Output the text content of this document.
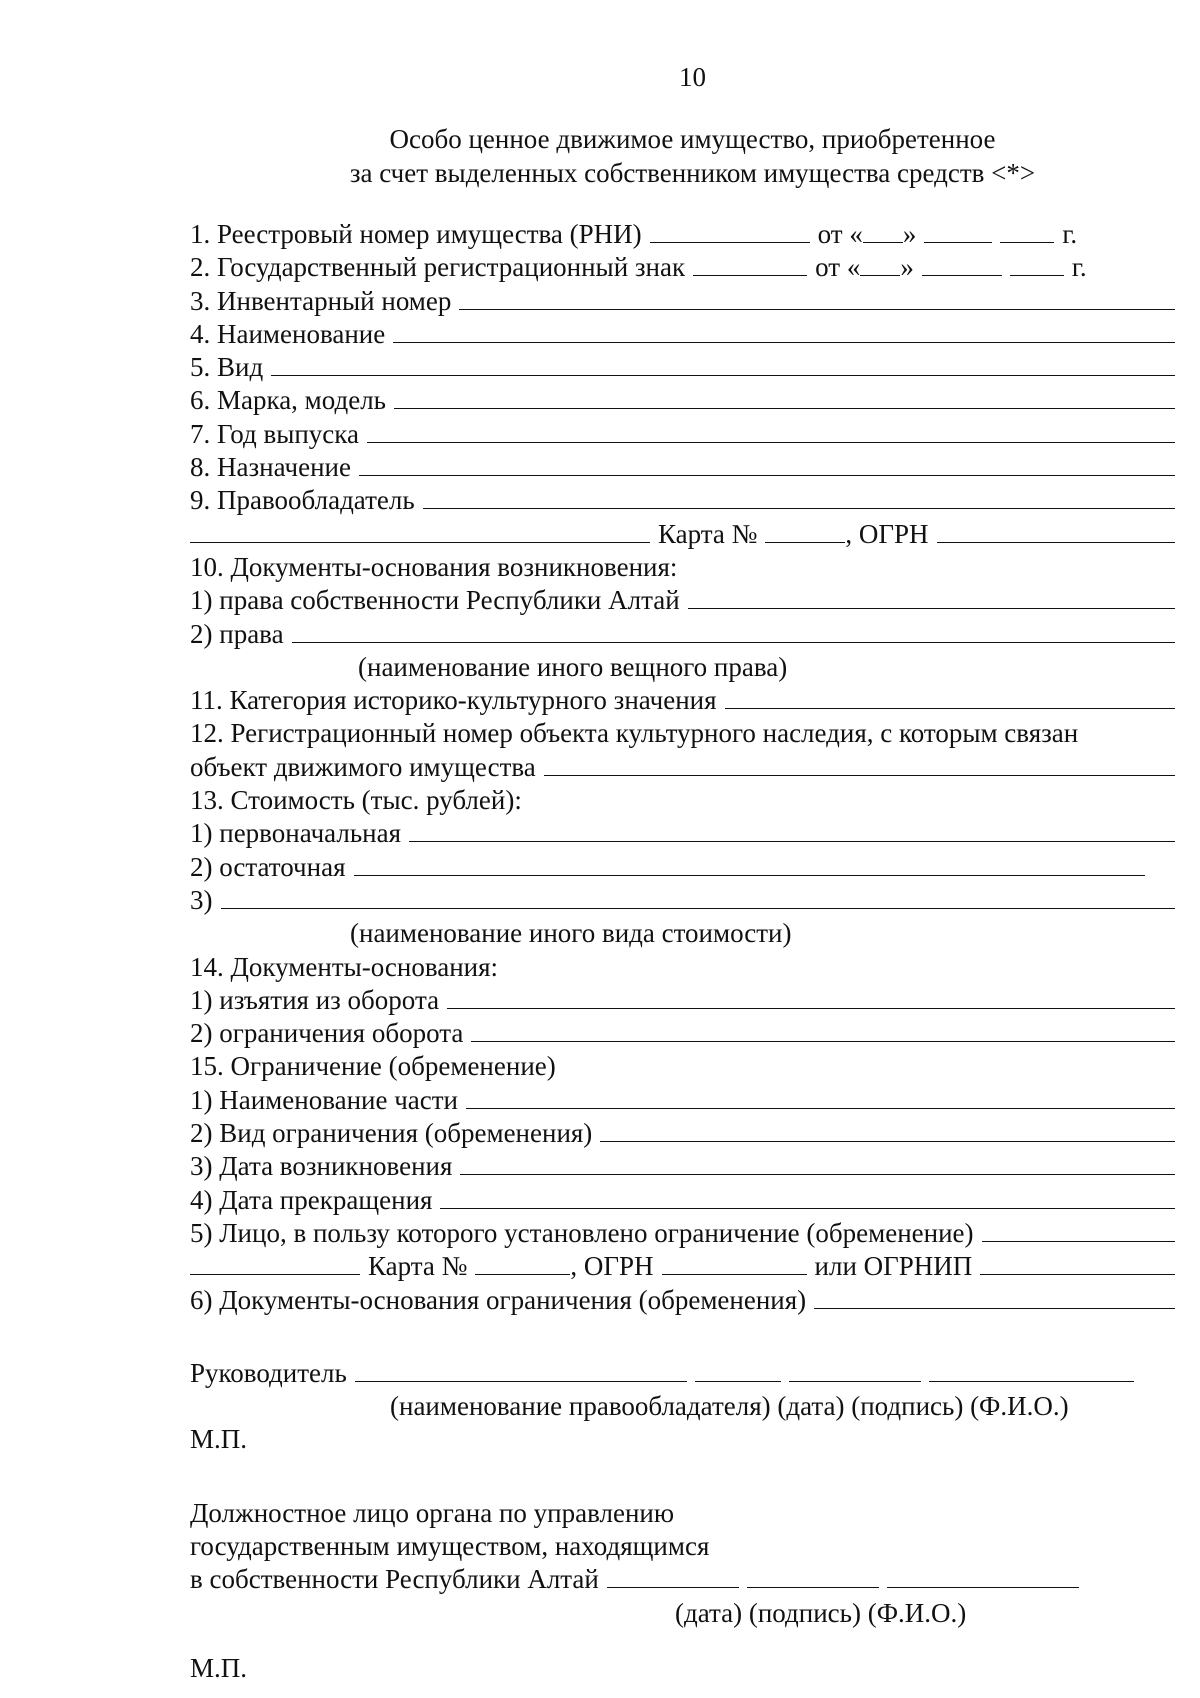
10
Особо ценное движимое имущество, приобретенное
за счет выделенных собственником имущества средств <*>
1. Реестровый номер имущества (РНИ)	от « »	г.
2. Государственный регистрационный знак	от « »	г.
3. Инвентарный номер
4. Наименование
5. Вид
6. Марка, модель
7. Год выпуска
8. Назначение
9. Правообладатель
Карта №	, ОГРН
10. Документы-основания возникновения:
1) права собственности Республики Алтай
2) права
(наименование иного вещного права)
11. Категория историко-культурного значения
12. Регистрационный номер объекта культурного наследия, с которым связан
объект движимого имущества
13. Стоимость (тыс. рублей):
1) первоначальная
2) остаточная
3)
(наименование иного вида стоимости)
14. Документы-основания:
1) изъятия из оборота
2) ограничения оборота
15. Ограничение (обременение)
1) Наименование части
2) Вид ограничения (обременения)
3) Дата возникновения
4) Дата прекращения
5) Лицо, в пользу которого установлено ограничение (обременение)
Карта №	, ОГРН	или ОГРНИП
6) Документы-основания ограничения (обременения)
Руководитель
(наименование правообладателя) (дата) (подпись) (Ф.И.О.)
М.П.
Должностное лицо органа по управлению
государственным имуществом, находящимся
в собственности Республики Алтай
(дата) (подпись) (Ф.И.О.)
М.П.
